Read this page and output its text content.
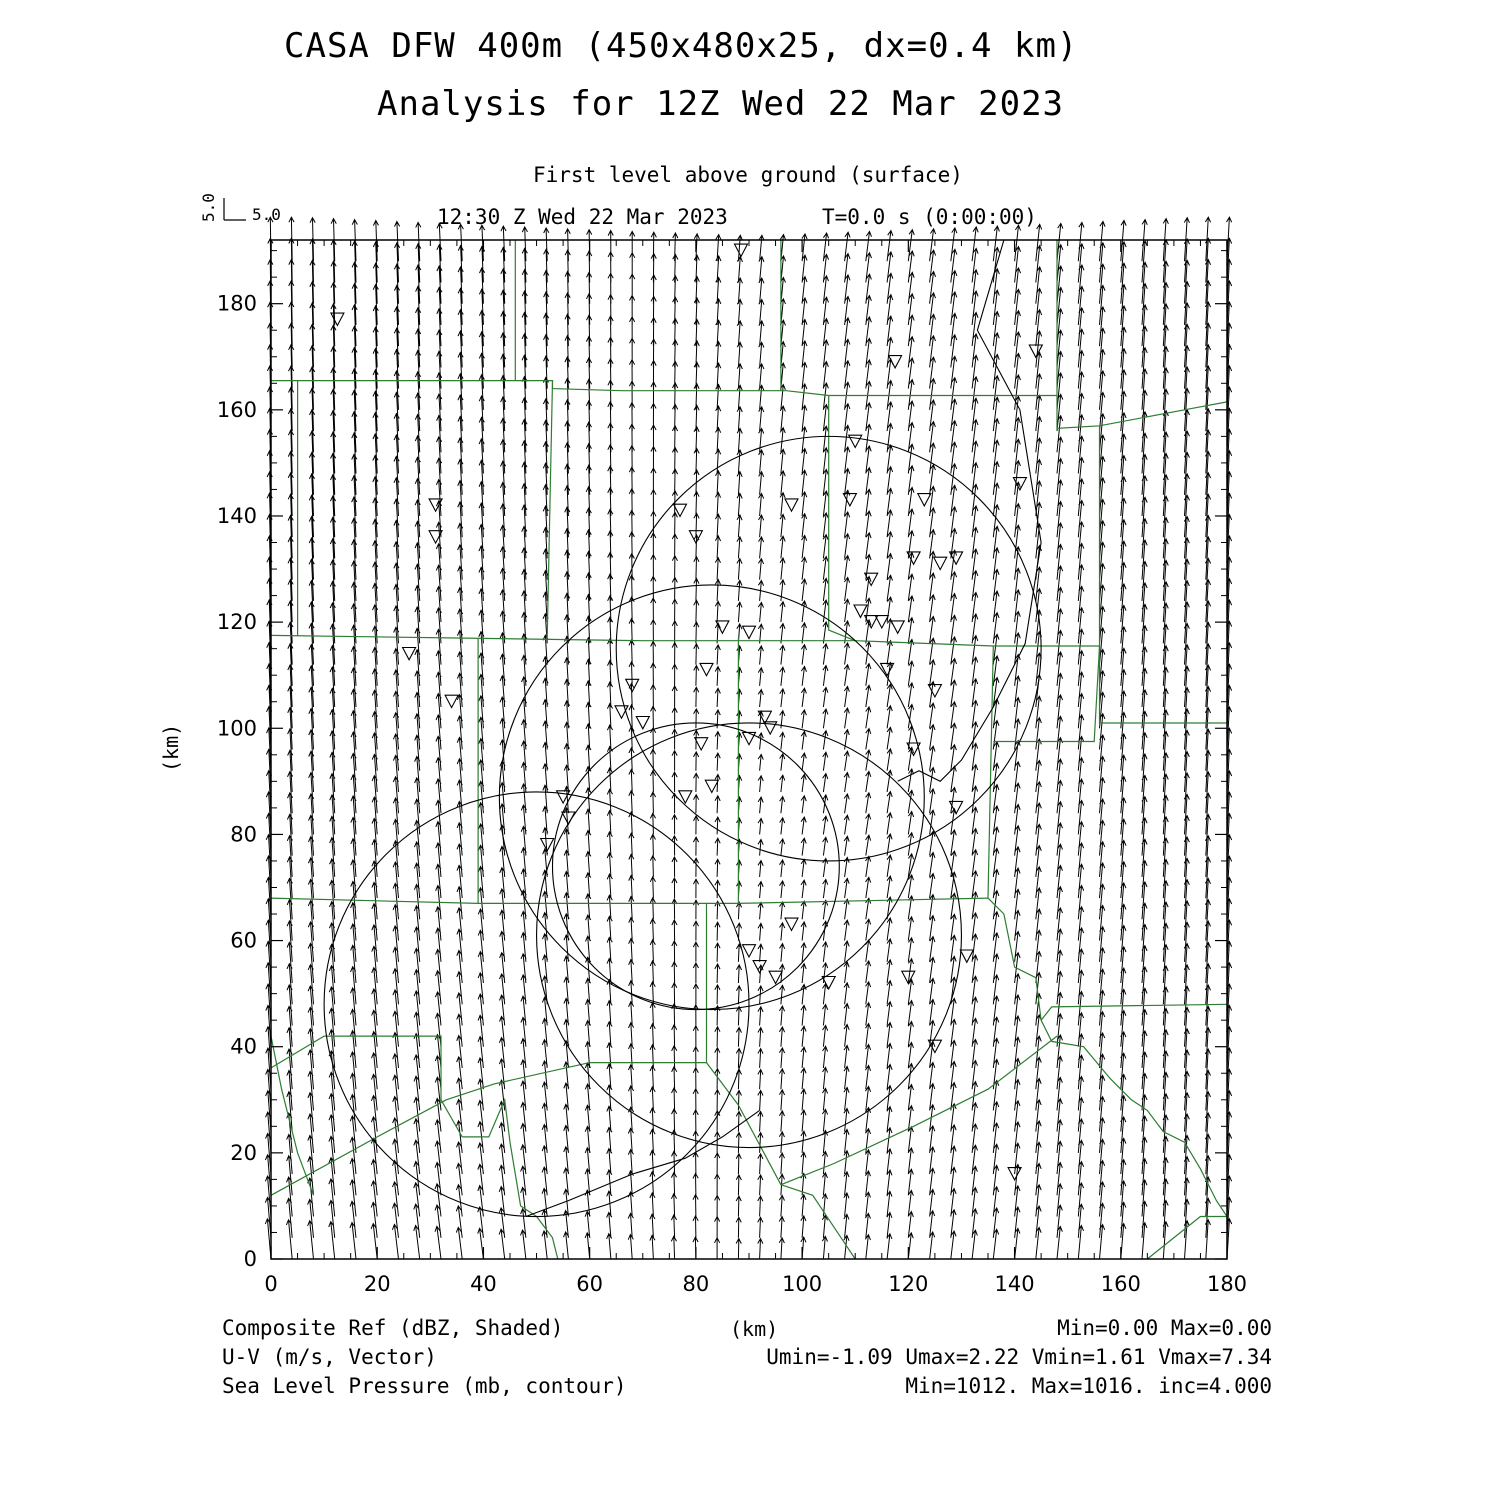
CASA DFW 400m (450x480x25, dx=0.4 km)
Analysis for 12Z Wed 22 Mar 2023
First level above ground (surface)
12:30 Z Wed 22 Mar 2023	T=0.0 s (0:00:00)
0	20	40	60	80	100	120	140	160	180
0
20
40
60
80
100
120
140
160
180
5.0
5.0
(km)
(km)
Composite Ref (dBZ, Shaded)
U-V (m/s, Vector)
Sea Level Pressure (mb, contour)
Min=0.00 Max=0.00
Umin=-1.09 Umax=2.22 Vmin=1.61 Vmax=7.34
Min=1012. Max=1016. inc=4.000
